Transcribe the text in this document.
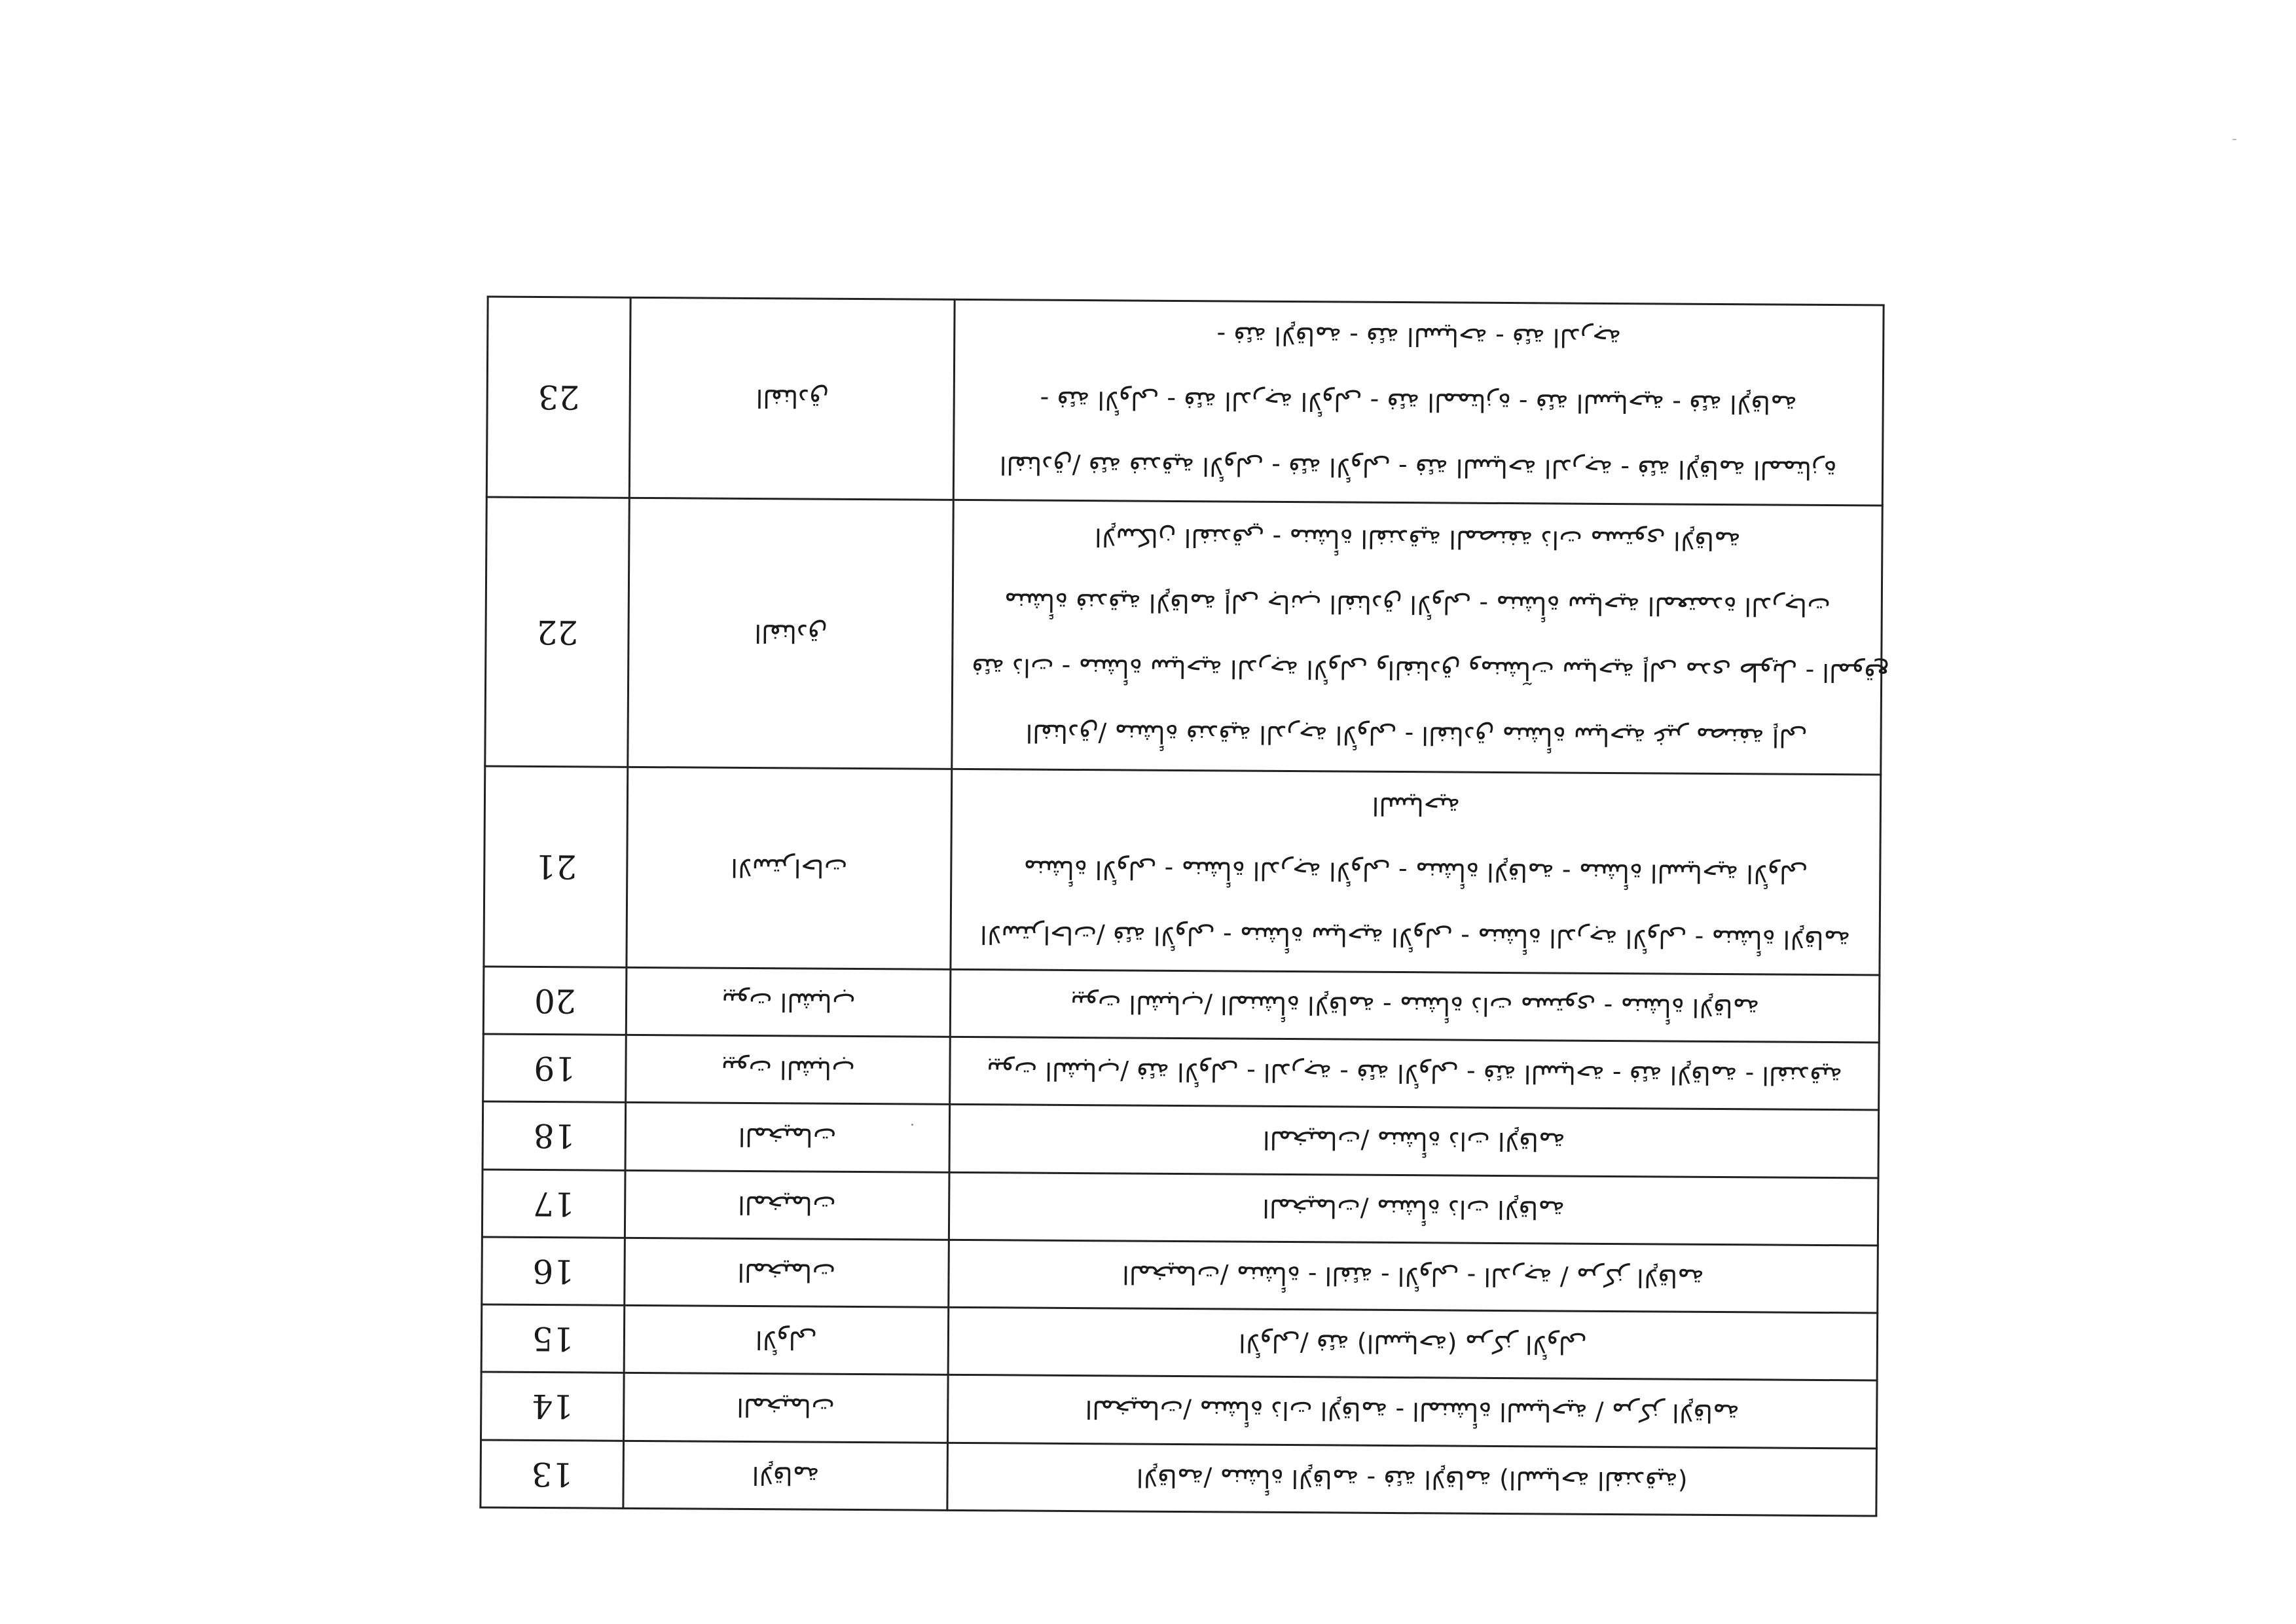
23	الفنادق	الفنادق/ فئة فندقية الأولى - فئة الأولى - فئة السياحة الدرجة - فئة الإقامة الممتازة
- فئة الأولى - فئة الدرجة الأولى - فئة الممتازة - فئة السياحية - فئة الإقامة
- فئة الإقامة - فئة السياحة - فئة الدرجة

22	الفنادق	الفنادق/ منشأة فندقية الدرجة الأولى - الفنادق منشأة سياحية غير مصنفة إلى
فئة ذات - منشأة سياحية الدرجة الأولى والفنادق ومنشآت سياحية إلى مدى طويل - الموقع
منشأة فندقية الإقامة إلى جانب الفنادق الأولى - منشأة سياحية المعتمدة الدرجات
الإسكان الفندقي - منشأة الفندقية المصنفة ذات مستوى الإقامة

21	الاستراحات	الاستراحات/ فئة الأولى - منشأة سياحية الأولى - منشأة الدرجة الأولى - منشأة الإقامة
منشأة الأولى - منشأة الدرجة الأولى - منشأة الإقامة - منشأة السياحية الأولى
السياحية

20	بيوت الشباب	بيوت الشباب/ المنشأة الإقامة - منشأة ذات مستوى - منشأة الإقامة

19	بيوت الشباب	بيوت الشباب/ فئة الأولى - الدرجة - فئة الأولى - فئة السياحة - فئة الإقامة - الفندقية

18	المخيمات	المخيمات/ منشأة ذات الإقامة

17	المخيمات	المخيمات/ منشأة ذات الإقامة

16	المخيمات	المخيمات/ منشأة - الفئة - الأولى - الدرجة / مركز الإقامة

15	الأولى	الأولى/ فئة (السياحة) مركز الأولى

14	المخيمات	المخيمات/ منشأة ذات الإقامة - المنشأة السياحية / مركز الإقامة

13	الإقامة	الإقامة/ منشأة الإقامة - فئة الإقامة (السياحة الفندقية)
